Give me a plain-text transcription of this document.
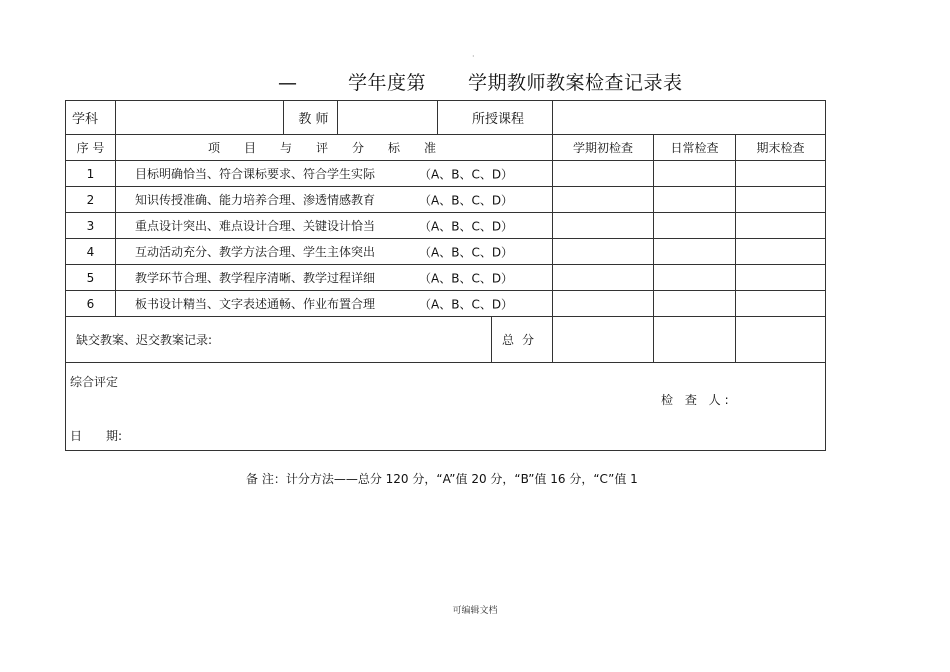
·
—	学年度第 学期教师教案检查记录表
学科		教 师		所授课程				
序 号	项目与评分标准					学期初检查	日常检查	期末检查
1	目标明确恰当、符合课标要求、符合学生实际 （A、B、C、D）							

2	知识传授准确、能力培养合理、渗透情感教育 （A、B、C、D）							

3	重点设计突出、难点设计合理、关键设计恰当 （A、B、C、D）							

4	互动活动充分、教学方法合理、学生主体突出 （A、B、C、D）							

5	教学环节合理、教学程序清晰、教学过程详细 （A、B、C、D）							

6	板书设计精当、文字表述通畅、作业布置合理 （A、B、C、D）							

缺交教案、迟交教案记录:					总分			

综合评定
检 查 人:
日 期:								
备 注：计分方法——总分 120 分，“A”值 20 分，“B”值 16 分，“C”值 1
可编辑文档
